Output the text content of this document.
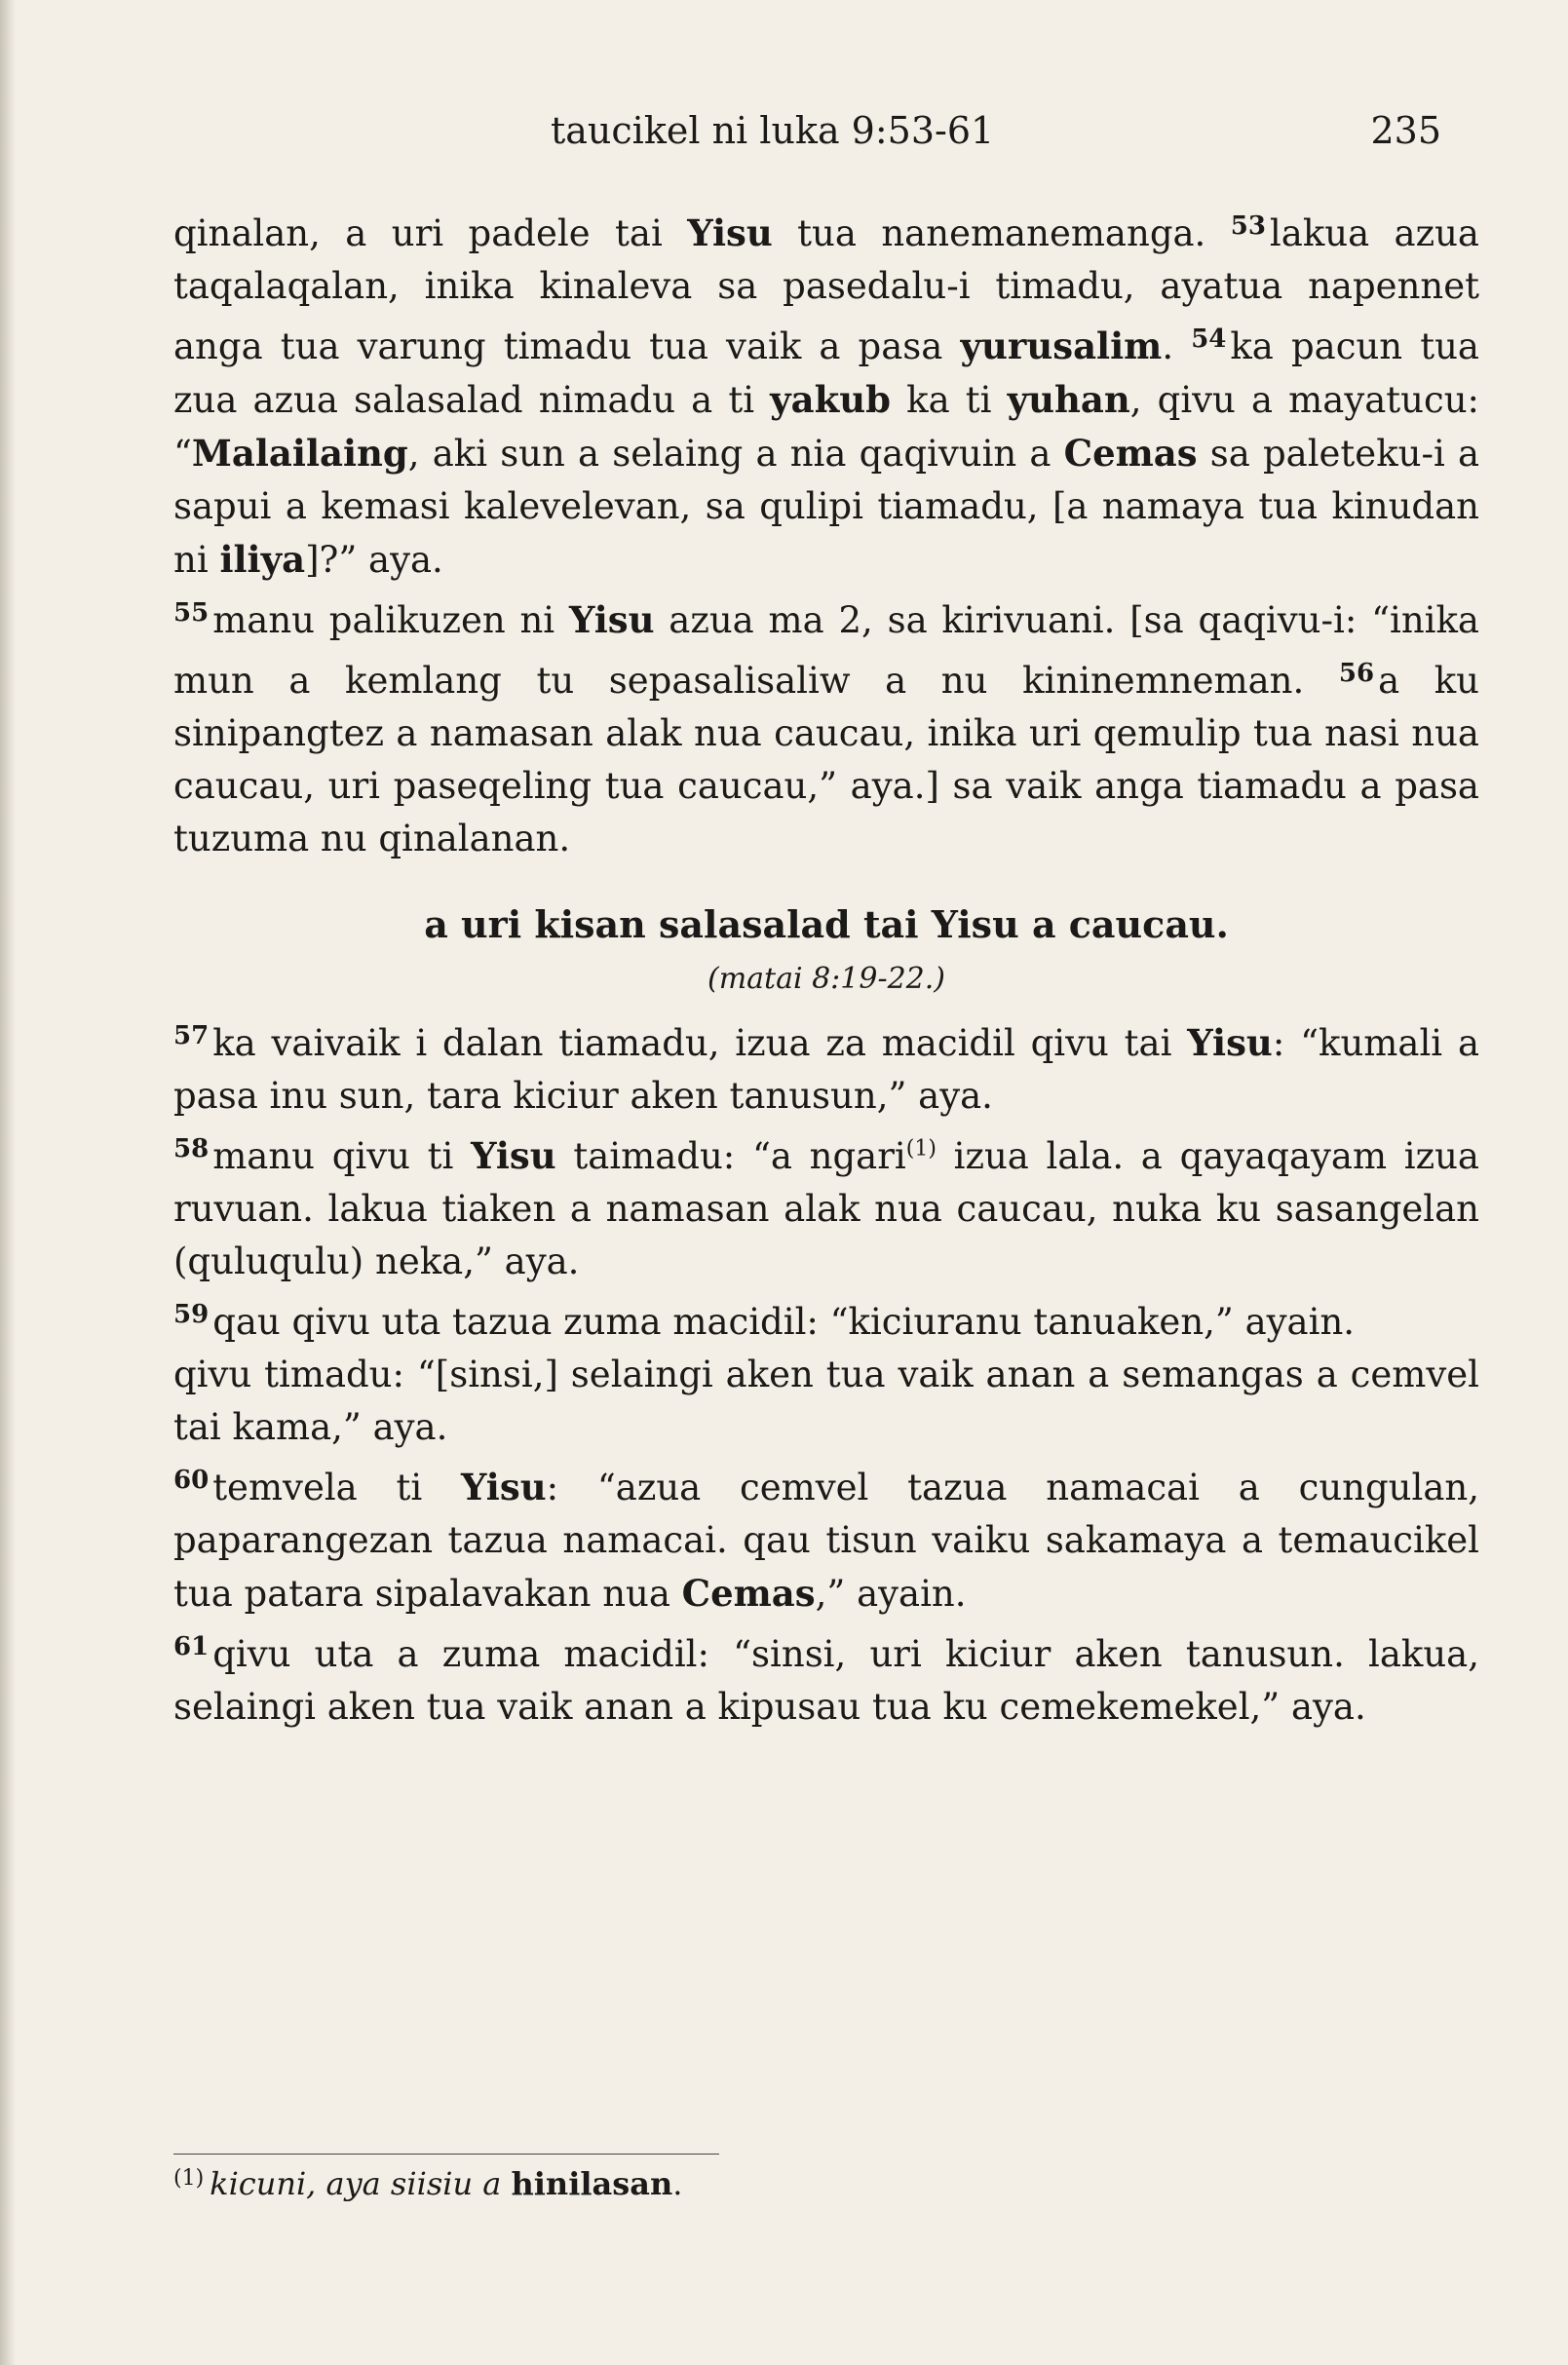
taucikel ni luka 9:53-61	235

qinalan, a uri padele tai Yisu tua nanemanemanga. $^{53}$ lakua azua taqalaqalan, inika kinaleva sa pasedalu-i timadu, ayatua napennet anga tua varung timadu tua vaik a pasa yurusalim. $^{54}$ ka pacun tua zua azua salasalad nimadu a ti yakub ka ti yuhan, qivu a mayatucu: “Malailaing, aki sun a selaing a nia qaqivuin a Cemas sa paleteku-i a sapui a kemasi kalevelevan, sa qulipi tiamadu, [a namaya tua kinudan ni iliya]?” aya.

$^{55}$ manu palikuzen ni Yisu azua ma 2, sa kirivuani. [sa qaqivu-i: “inika mun a kemlang tu sepasalisaliw a nu kininemneman. $^{56}$ a ku sinipangtez a namasan alak nua caucau, inika uri qemulip tua nasi nua caucau, uri paseqeling tua caucau,” aya.] sa vaik anga tiamadu a pasa tuzuma nu qinalanan.

a uri kisan salasalad tai Yisu a caucau.
(matai 8:19-22.)

$^{57}$ ka vaivaik i dalan tiamadu, izua za macidil qivu tai Yisu: “kumali a pasa inu sun, tara kiciur aken tanusun,” aya.

$^{58}$ manu qivu ti Yisu taimadu: “a ngari$^{(1)}$ izua lala. a qayaqayam izua ruvuan. lakua tiaken a namasan alak nua caucau, nuka ku sasangelan (quluqulu) neka,” aya.

$^{59}$ qau qivu uta tazua zuma macidil: “kiciuranu tanuaken,” ayain.

qivu timadu: “[sinsi,] selaingi aken tua vaik anan a semangas a cemvel tai kama,” aya.

$^{60}$ temvela ti Yisu: “azua cemvel tazua namacai a cungulan, paparangezan tazua namacai. qau tisun vaiku sakamaya a temaucikel tua patara sipalavakan nua Cemas,” ayain.

$^{61}$ qivu uta a zuma macidil: “sinsi, uri kiciur aken tanusun. lakua, selaingi aken tua vaik anan a kipusau tua ku cemekemekel,” aya.

$^{(1)}$ kicuni, aya siisiu a hinilasan.
